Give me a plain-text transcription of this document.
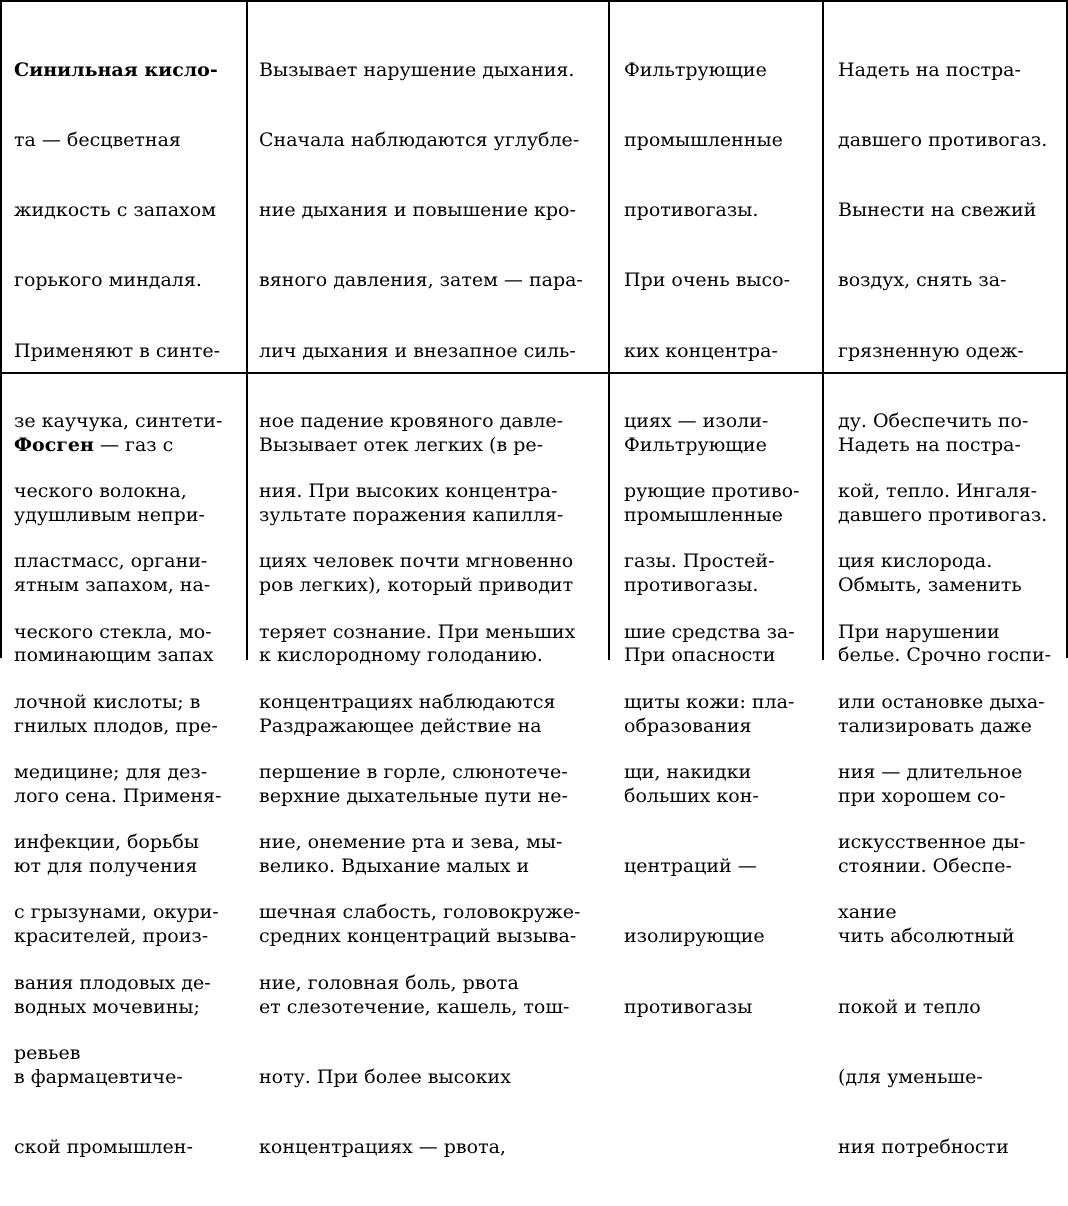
Синильная кисло-

та — бесцветная

жидкость с запахом

горького миндаля.

Применяют в синте-

зе каучука, синтети-

ческого волокна,

пластмасс, органи-

ческого стекла, мо-

лочной кислоты; в

медицине; для дез-

инфекции, борьбы

с грызунами, окури-

вания плодовых де-

ревьев

Вызывает нарушение дыхания.

Сначала наблюдаются углубле-

ние дыхания и повышение кро-

вяного давления, затем — пара-

лич дыхания и внезапное силь-

ное падение кровяного давле-

ния. При высоких концентра-

циях человек почти мгновенно

теряет сознание. При меньших

концентрациях наблюдаются

першение в горле, слюнотече-

ние, онемение рта и зева, мы-

шечная слабость, головокруже-

ние, головная боль, рвота

Фильтрующие

промышленные

противогазы.

При очень высо-

ких концентра-

циях — изоли-

рующие противо-

газы. Простей-

шие средства за-

щиты кожи: пла-

щи, накидки

Надеть на постра-

давшего противогаз.

Вынести на свежий

воздух, снять за-

грязненную одеж-

ду. Обеспечить по-

кой, тепло. Ингаля-

ция кислорода.

При нарушении

или остановке дыха-

ния — длительное

искусственное ды-

хание

Фосген — газ с

удушливым непри-

ятным запахом, на-

поминающим запах

гнилых плодов, пре-

лого сена. Применя-

ют для получения

красителей, произ-

водных мочевины;

в фармацевтиче-

ской промышлен-

Вызывает отек легких (в ре-

зультате поражения капилля-

ров легких), который приводит

к кислородному голоданию.

Раздражающее действие на

верхние дыхательные пути не-

велико. Вдыхание малых и

средних концентраций вызыва-

ет слезотечение, кашель, тош-

ноту. При более высоких

концентрациях — рвота,

Фильтрующие

промышленные

противогазы.

При опасности

образования

больших кон-

центраций —

изолирующие

противогазы

Надеть на постра-

давшего противогаз.

Обмыть, заменить

белье. Срочно госпи-

тализировать даже

при хорошем со-

стоянии. Обеспе-

чить абсолютный

покой и тепло

(для уменьше-

ния потребности
